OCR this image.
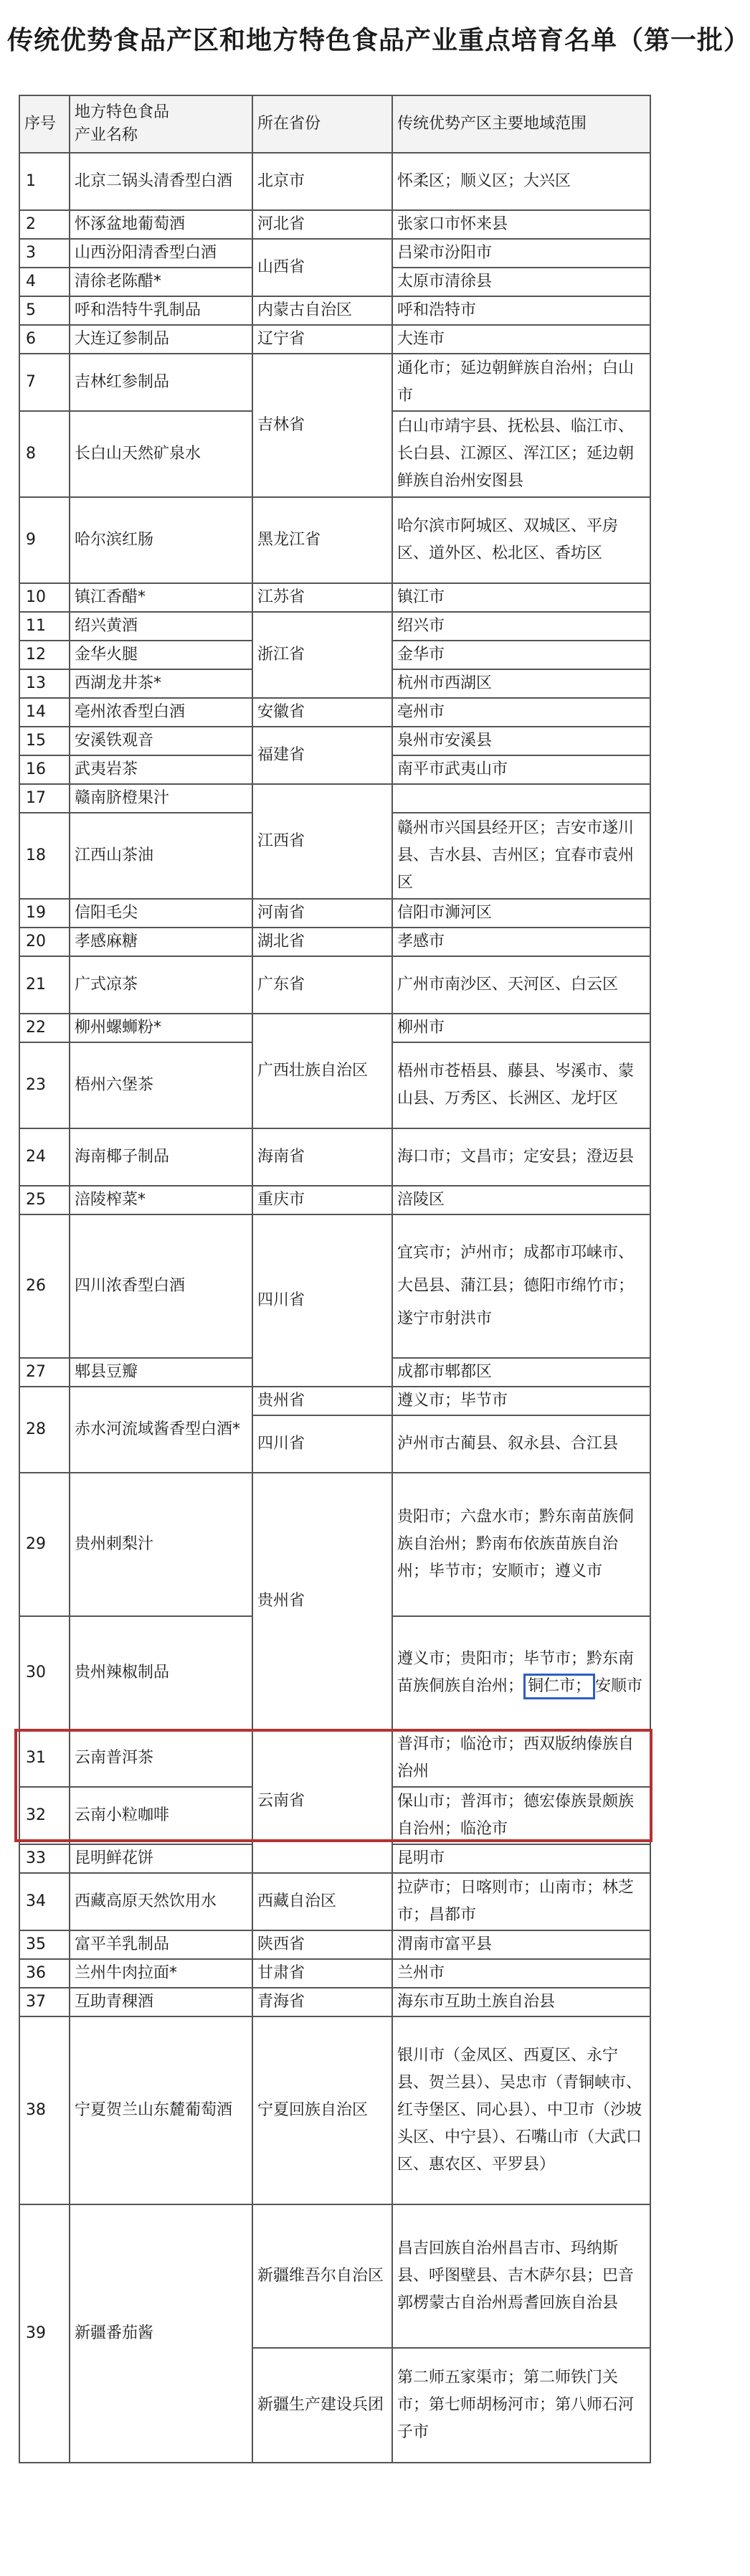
传统优势食品产区和地方特色食品产业重点培育名单（第一批）
序号	地方特色食品
产业名称	所在省份	传统优势产区主要地域范围
1	北京二锅头清香型白酒	北京市	怀柔区；顺义区；大兴区
2	怀涿盆地葡萄酒	河北省	张家口市怀来县
3	山西汾阳清香型白酒	山西省	吕梁市汾阳市
4	清徐老陈醋*		太原市清徐县
5	呼和浩特牛乳制品	内蒙古自治区	呼和浩特市
6	大连辽参制品	辽宁省	大连市
7	吉林红参制品	吉林省	通化市；延边朝鲜族自治州；白山市
8	长白山天然矿泉水		白山市靖宇县、抚松县、临江市、长白县、江源区、浑江区；延边朝鲜族自治州安图县
9	哈尔滨红肠	黑龙江省	哈尔滨市阿城区、双城区、平房区、道外区、松北区、香坊区
10	镇江香醋*	江苏省	镇江市
11	绍兴黄酒	浙江省	绍兴市
12	金华火腿		金华市
13	西湖龙井茶*		杭州市西湖区
14	亳州浓香型白酒	安徽省	亳州市
15	安溪铁观音	福建省	泉州市安溪县
16	武夷岩茶		南平市武夷山市
17	赣南脐橙果汁	江西省	
18	江西山茶油		赣州市兴国县经开区；吉安市遂川县、吉水县、吉州区；宜春市袁州区
19	信阳毛尖	河南省	信阳市浉河区
20	孝感麻糖	湖北省	孝感市
21	广式凉茶	广东省	广州市南沙区、天河区、白云区
22	柳州螺蛳粉*	广西壮族自治区	柳州市
23	梧州六堡茶		梧州市苍梧县、藤县、岑溪市、蒙山县、万秀区、长洲区、龙圩区
24	海南椰子制品	海南省	海口市；文昌市；定安县；澄迈县
25	涪陵榨菜*	重庆市	涪陵区
26	四川浓香型白酒	四川省	宜宾市；泸州市；成都市邛崃市、
大邑县、蒲江县；德阳市绵竹市；
遂宁市射洪市
27	郫县豆瓣		成都市郫都区
28	赤水河流域酱香型白酒*	贵州省	遵义市；毕节市
		四川省	泸州市古蔺县、叙永县、合江县
29	贵州刺梨汁	贵州省	贵阳市；六盘水市；黔东南苗族侗族自治州；黔南布依族苗族自治州；毕节市；安顺市；遵义市
30	贵州辣椒制品		遵义市；贵阳市；毕节市；黔东南
苗族侗族自治州； 铜仁市； 安顺市
31	云南普洱茶	云南省	普洱市；临沧市；西双版纳傣族自治州
32	云南小粒咖啡		保山市；普洱市；德宏傣族景颇族自治州；临沧市
33	昆明鲜花饼		昆明市
34	西藏高原天然饮用水	西藏自治区	拉萨市；日喀则市；山南市；林芝市；昌都市
35	富平羊乳制品	陕西省	渭南市富平县
36	兰州牛肉拉面*	甘肃省	兰州市
37	互助青稞酒	青海省	海东市互助土族自治县
38	宁夏贺兰山东麓葡萄酒	宁夏回族自治区	银川市（金凤区、西夏区、永宁县、贺兰县）、吴忠市（青铜峡市、红寺堡区、同心县）、中卫市（沙坡头区、中宁县）、石嘴山市（大武口区、惠农区、平罗县）
39	新疆番茄酱	新疆维吾尔自治区	昌吉回族自治州昌吉市、玛纳斯县、呼图壁县、吉木萨尔县；巴音郭楞蒙古自治州焉耆回族自治县
		新疆生产建设兵团	第二师五家渠市；第二师铁门关市；第七师胡杨河市；第八师石河子市
